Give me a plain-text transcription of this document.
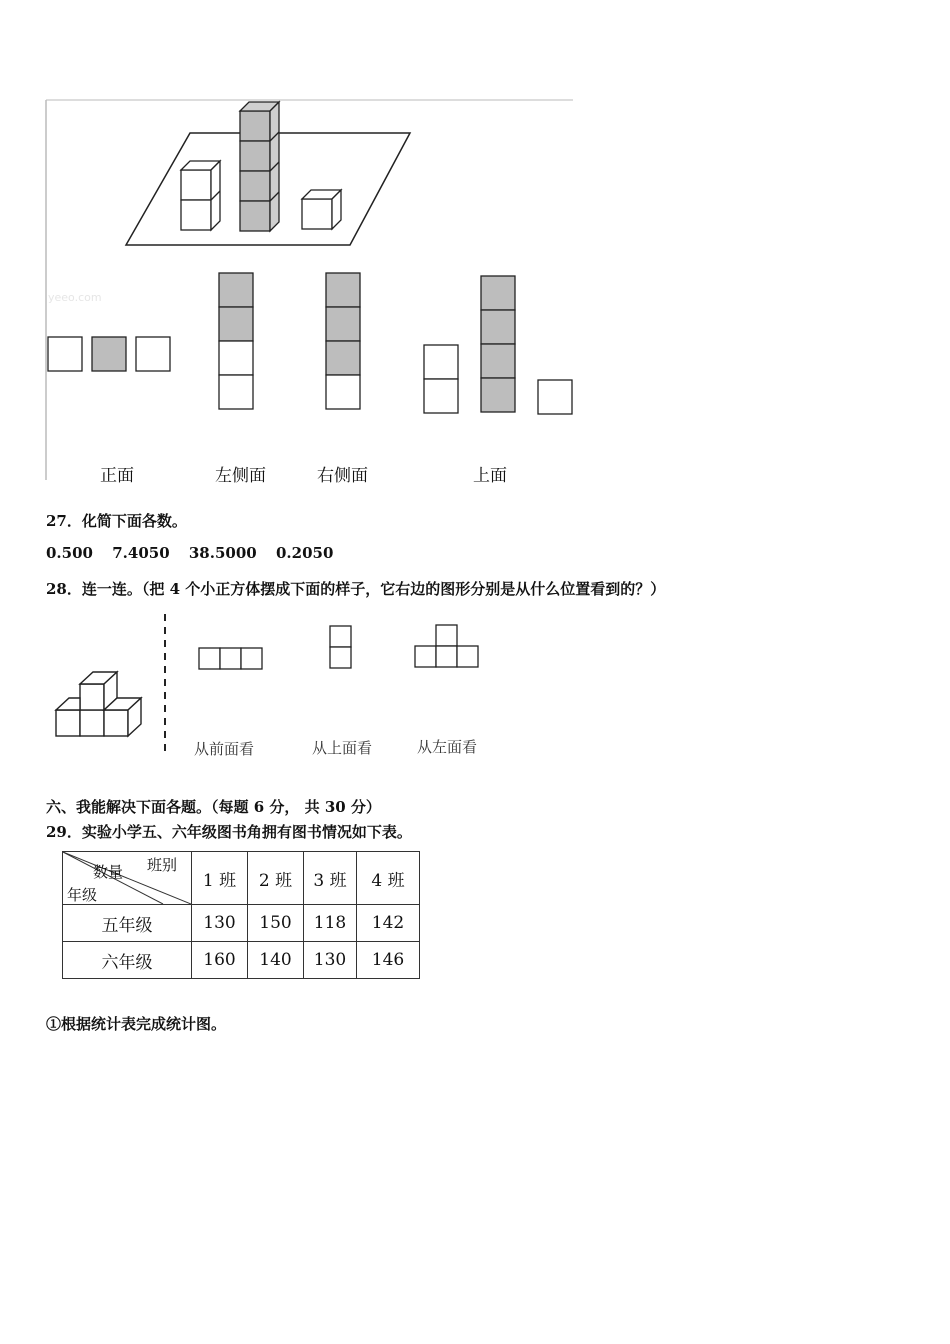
yeeo.com
正面	左侧面	右侧面	上面
27．化简下面各数。
0.500 7.4050 38.5000 0.2050
28．连一连。（把 4 个小正方体摆成下面的样子，它右边的图形分别是从什么位置看到的？）
从前面看	从上面看	从左面看
六、我能解决下面各题。（每题 6 分， 共 30 分）
29．实验小学五、六年级图书角拥有图书情况如下表。
班别
数量
年级	1 班	2 班	3 班	4 班
五年级	130	150	118	142
六年级	160	140	130	146
①根据统计表完成统计图。
